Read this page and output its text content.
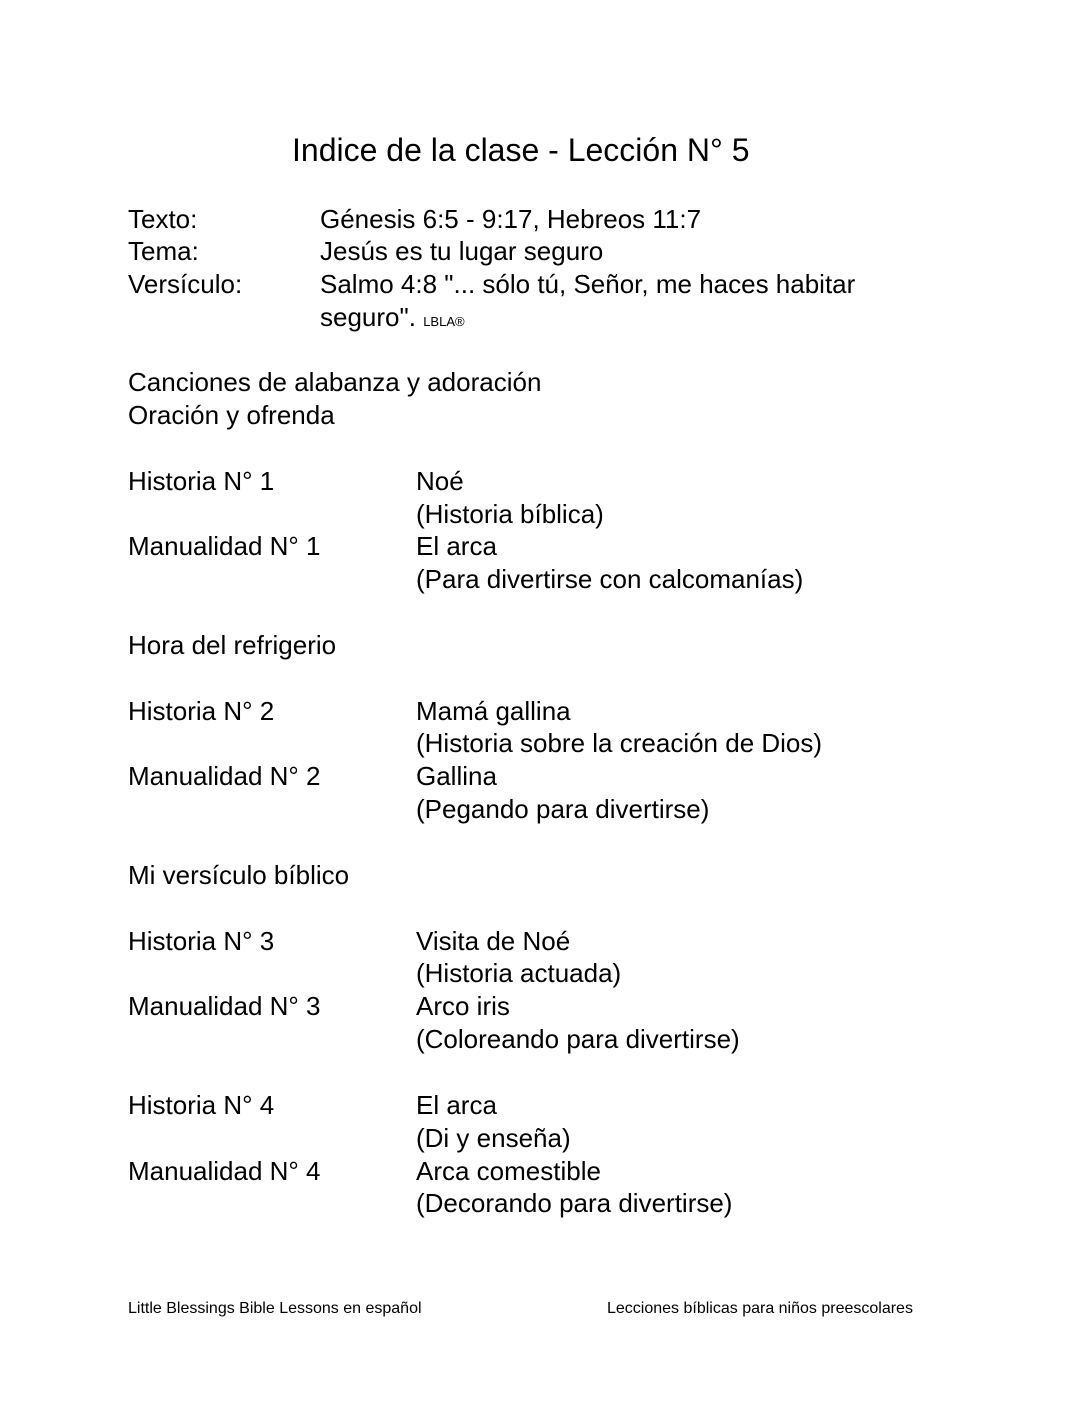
Indice de la clase - Lección N° 5
Texto:	Génesis 6:5 - 9:17, Hebreos 11:7
Tema:	Jesús es tu lugar seguro
Versículo:	Salmo 4:8 "... sólo tú, Señor, me haces habitar
seguro". LBLA®
Canciones de alabanza y adoración
Oración y ofrenda
Historia N° 1	Noé
(Historia bíblica)
Manualidad N° 1	El arca
(Para divertirse con calcomanías)
Hora del refrigerio
Historia N° 2	Mamá gallina
(Historia sobre la creación de Dios)
Manualidad N° 2	Gallina
(Pegando para divertirse)
Mi versículo bíblico
Historia N° 3	Visita de Noé
(Historia actuada)
Manualidad N° 3	Arco iris
(Coloreando para divertirse)
Historia N° 4	El arca
(Di y enseña)
Manualidad N° 4	Arca comestible
(Decorando para divertirse)
Little Blessings Bible Lessons en español	Lecciones bíblicas para niños preescolares
